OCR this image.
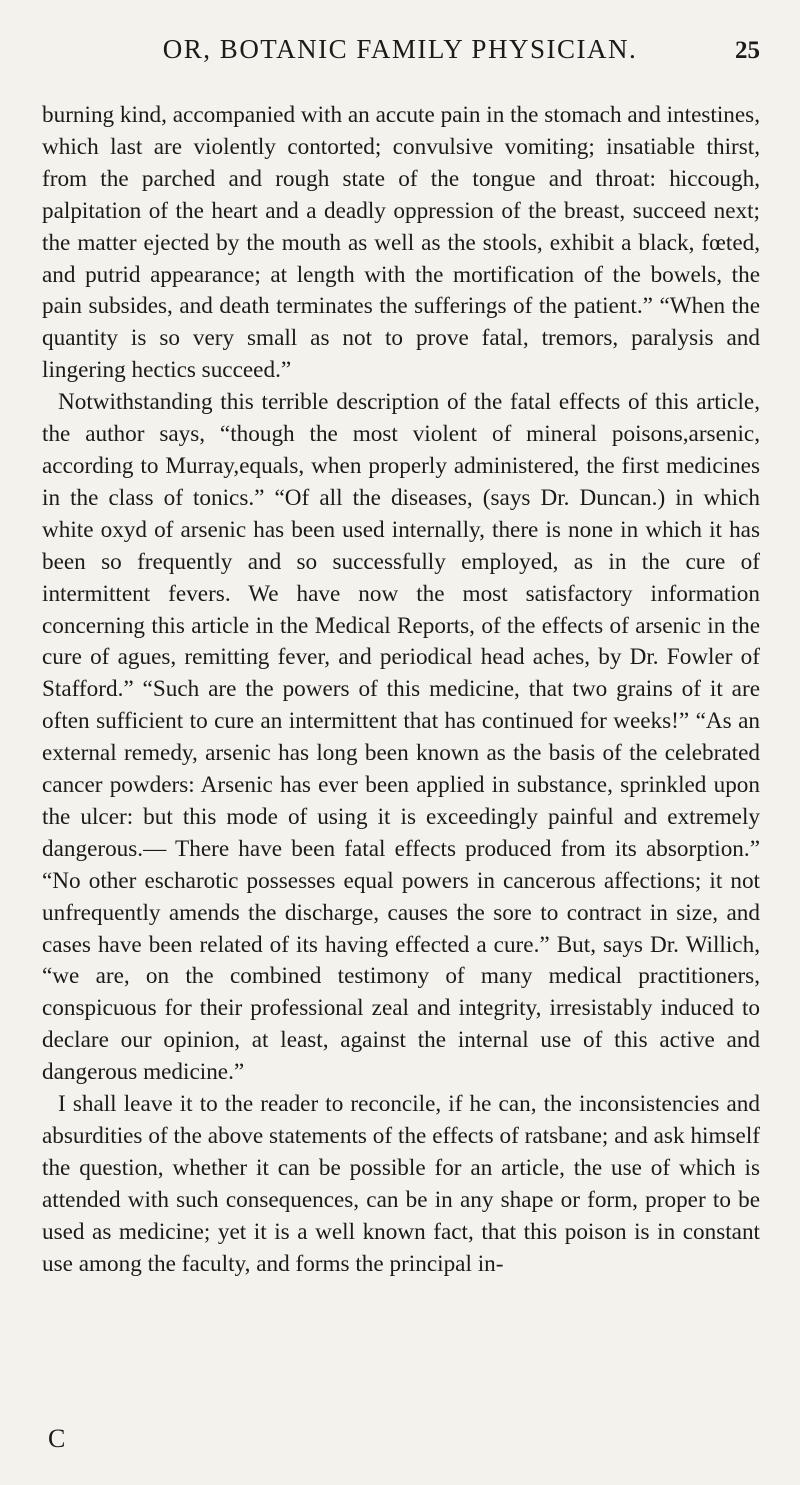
OR, BOTANIC FAMILY PHYSICIAN.	25

burning kind, accompanied with an accute pain in the stomach and intestines, which last are violently contorted; convulsive vomiting; insatiable thirst, from the parched and rough state of the tongue and throat: hiccough, palpitation of the heart and a deadly oppression of the breast, succeed next; the matter ejected by the mouth as well as the stools, exhibit a black, fœted, and putrid appearance; at length with the mortification of the bowels, the pain subsides, and death terminates the sufferings of the patient.” “When the quantity is so very small as not to prove fatal, tremors, paralysis and lingering hectics succeed.”

Notwithstanding this terrible description of the fatal effects of this article, the author says, “though the most violent of mineral poisons,arsenic, according to Murray,equals, when properly administered, the first medicines in the class of tonics.” “Of all the diseases, (says Dr. Duncan.) in which white oxyd of arsenic has been used internally, there is none in which it has been so frequently and so successfully employed, as in the cure of intermittent fevers. We have now the most satisfactory information concerning this article in the Medical Reports, of the effects of arsenic in the cure of agues, remitting fever, and periodical head aches, by Dr. Fowler of Stafford.” “Such are the powers of this medicine, that two grains of it are often sufficient to cure an intermittent that has continued for weeks!” “As an external remedy, arsenic has long been known as the basis of the celebrated cancer powders: Arsenic has ever been applied in substance, sprinkled upon the ulcer: but this mode of using it is exceedingly painful and extremely dangerous.— There have been fatal effects produced from its absorption.” “No other escharotic possesses equal powers in cancerous affections; it not unfrequently amends the discharge, causes the sore to contract in size, and cases have been related of its having effected a cure.” But, says Dr. Willich, “we are, on the combined testimony of many medical practitioners, conspicuous for their professional zeal and integrity, irresistably induced to declare our opinion, at least, against the internal use of this active and dangerous medicine.”

I shall leave it to the reader to reconcile, if he can, the inconsistencies and absurdities of the above statements of the effects of ratsbane; and ask himself the question, whether it can be possible for an article, the use of which is attended with such consequences, can be in any shape or form, proper to be used as medicine; yet it is a well known fact, that this poison is in constant use among the faculty, and forms the principal in-

C
